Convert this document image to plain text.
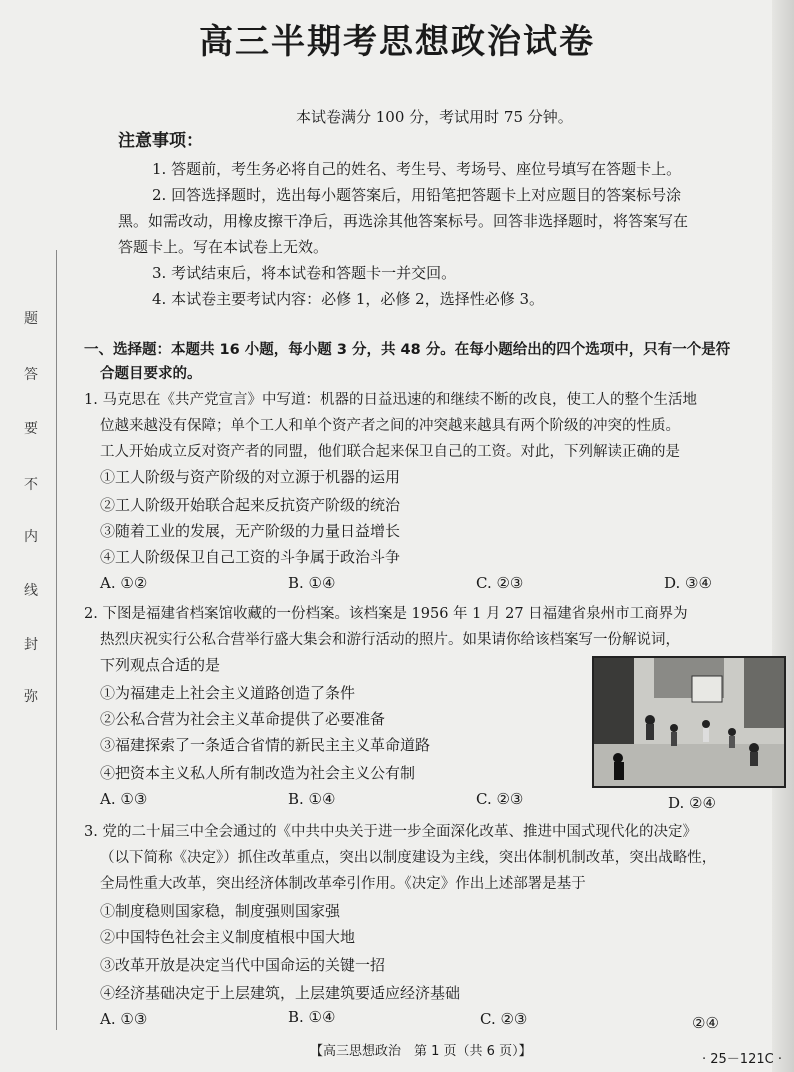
高三半期考思想政治试卷
本试卷满分 100 分，考试用时 75 分钟。
注意事项：
1. 答题前，考生务必将自己的姓名、考生号、考场号、座位号填写在答题卡上。
2. 回答选择题时，选出每小题答案后，用铅笔把答题卡上对应题目的答案标号涂
黑。如需改动，用橡皮擦干净后，再选涂其他答案标号。回答非选择题时，将答案写在
答题卡上。写在本试卷上无效。
3. 考试结束后，将本试卷和答题卡一并交回。
4. 本试卷主要考试内容：必修 1，必修 2，选择性必修 3。
弥
封
线
内
不
要
答
题
一、选择题：本题共 16 小题，每小题 3 分，共 48 分。在每小题给出的四个选项中，只有一个是符
合题目要求的。
1. 马克思在《共产党宣言》中写道：机器的日益迅速的和继续不断的改良，使工人的整个生活地
位越来越没有保障；单个工人和单个资产者之间的冲突越来越具有两个阶级的冲突的性质。
工人开始成立反对资产者的同盟，他们联合起来保卫自己的工资。对此，下列解读正确的是
①工人阶级与资产阶级的对立源于机器的运用
②工人阶级开始联合起来反抗资产阶级的统治
③随着工业的发展，无产阶级的力量日益增长
④工人阶级保卫自己工资的斗争属于政治斗争
A. ①②	B. ①④	C. ②③	D. ③④
2. 下图是福建省档案馆收藏的一份档案。该档案是 1956 年 1 月 27 日福建省泉州市工商界为
热烈庆祝实行公私合营举行盛大集会和游行活动的照片。如果请你给该档案写一份解说词，
下列观点合适的是
①为福建走上社会主义道路创造了条件
②公私合营为社会主义革命提供了必要准备
③福建探索了一条适合省情的新民主主义革命道路
④把资本主义私人所有制改造为社会主义公有制
A. ①③	B. ①④	C. ②③	D. ②④
3. 党的二十届三中全会通过的《中共中央关于进一步全面深化改革、推进中国式现代化的决定》
（以下简称《决定》）抓住改革重点，突出以制度建设为主线，突出体制机制改革，突出战略性，
全局性重大改革，突出经济体制改革牵引作用。《决定》作出上述部署是基于
①制度稳则国家稳，制度强则国家强
②中国特色社会主义制度植根中国大地
③改革开放是决定当代中国命运的关键一招
④经济基础决定于上层建筑，上层建筑要适应经济基础
A. ①③	B. ①④	C. ②③	②④
【高三思想政治　第 1 页（共 6 页）】
· 25－121C ·
